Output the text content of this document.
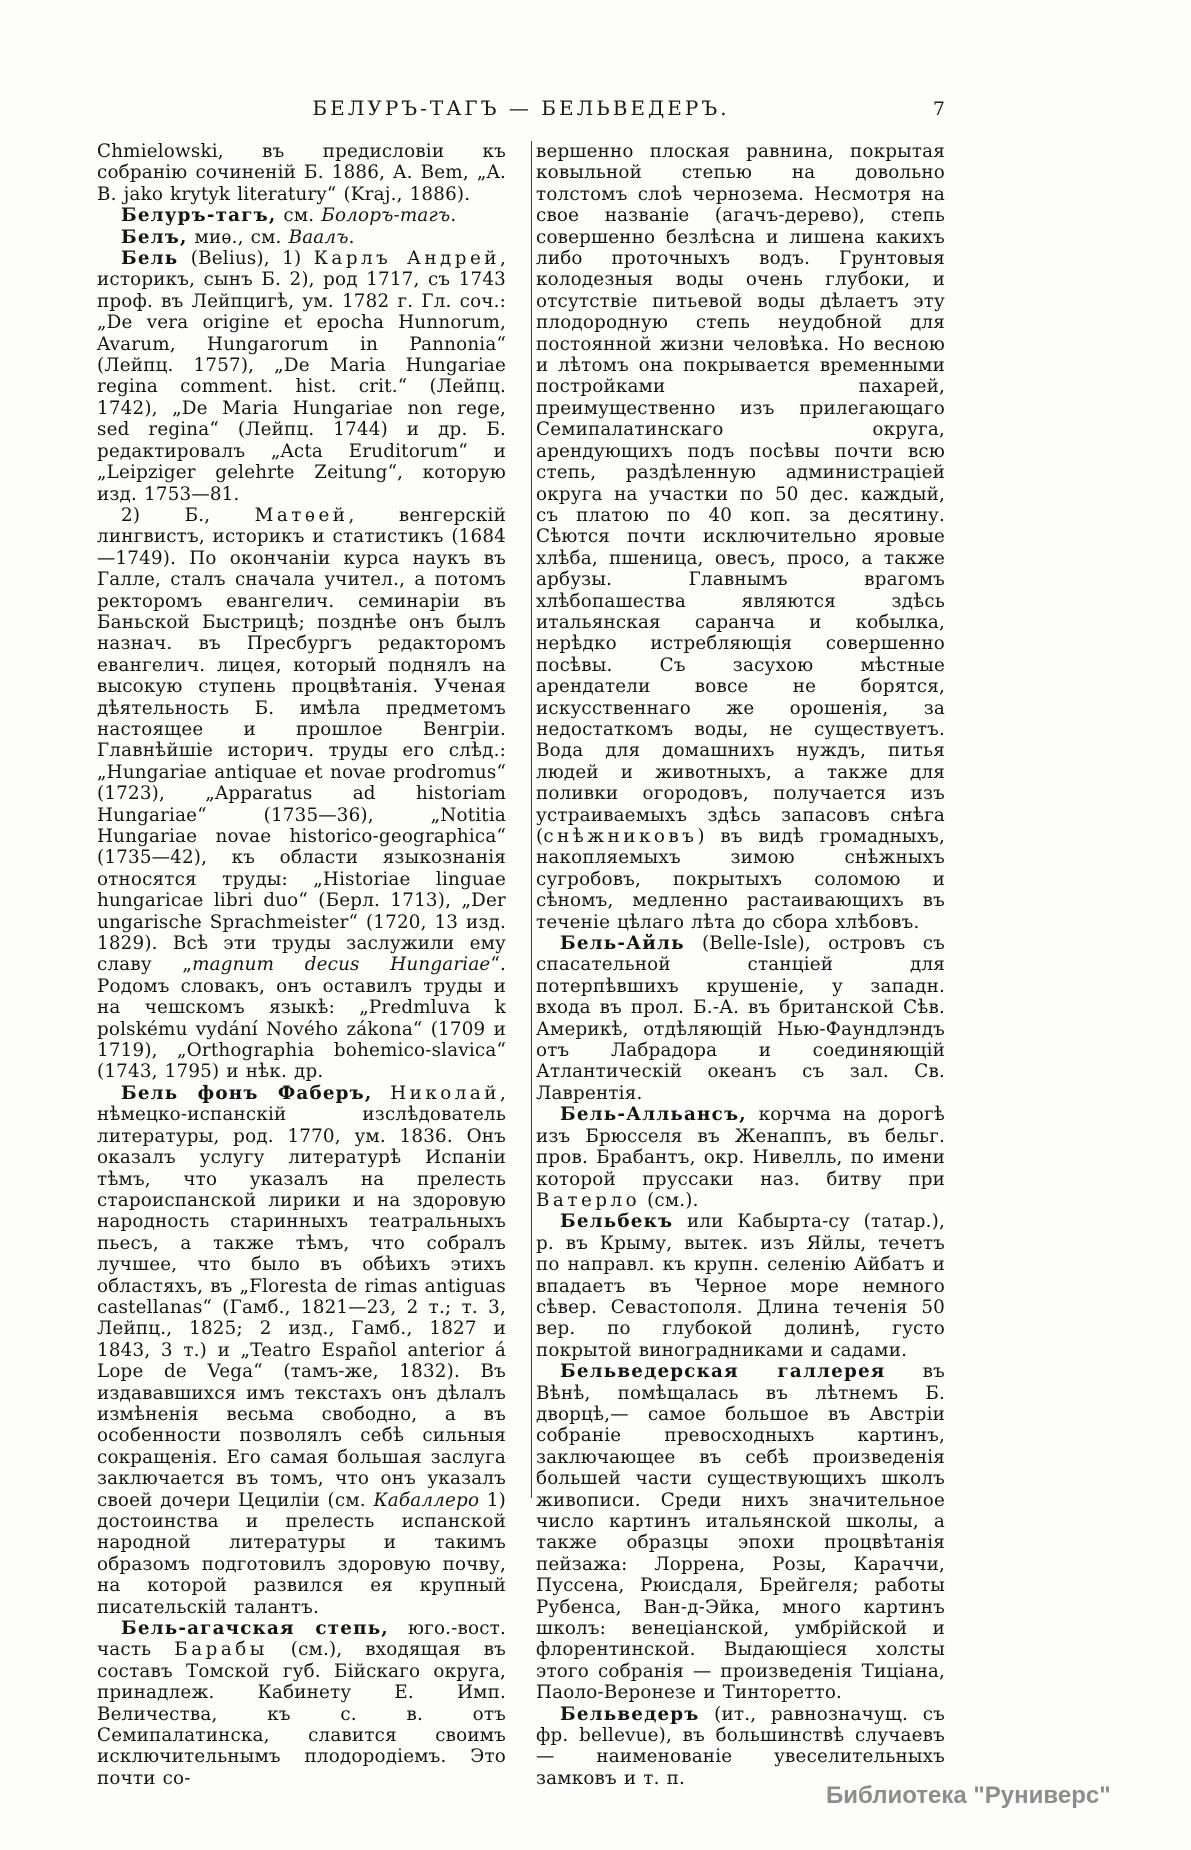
БЕЛУРЪ-ТАГЪ — БЕЛЬВЕДЕРЪ.	7

Chmielowski, въ предисловіи къ собранію сочиненій Б. 1886, A. Bem, „A. B. jako krytyk literatury“ (Kraj., 1886).

Белуръ-тагъ, см. Болоръ-тагъ.

Белъ, миѳ., см. Ваалъ.

Бель (Belius), 1) Карлъ Андрей, историкъ, сынъ Б. 2), род 1717, съ 1743 проф. въ Лейпцигѣ, ум. 1782 г. Гл. соч.: „De vera origine et epocha Hunnorum, Avarum, Hungarorum in Pannonia“ (Лейпц. 1757), „De Maria Hungariae regina comment. hist. crit.“ (Лейпц. 1742), „De Maria Hungariae non rege, sed regina“ (Лейпц. 1744) и др. Б. редактировалъ „Acta Eruditorum“ и „Leipziger gelehrte Zeitung“, которую изд. 1753—81.

2) Б., Матѳей, венгерскій лингвистъ, историкъ и статистикъ (1684—1749). По окончаніи курса наукъ въ Галле, сталъ сначала учител., а потомъ ректоромъ евангелич. семинаріи въ Баньской Быстрицѣ; позднѣе онъ былъ назнач. въ Пресбургъ редакторомъ евангелич. лицея, который поднялъ на высокую ступень процвѣтанія. Ученая дѣятельность Б. имѣла предметомъ настоящее и прошлое Венгріи. Главнѣйшіе историч. труды его слѣд.: „Hungariae antiquae et novae prodromus“ (1723), „Apparatus ad historiam Hungariae“ (1735—36), „Notitia Hungariae novae historico-geographica“ (1735—42), къ области языкознанія относятся труды: „Historiae linguae hungaricae libri duo“ (Берл. 1713), „Der ungarische Sprachmeister“ (1720, 13 изд. 1829). Всѣ эти труды заслужили ему славу „magnum decus Hungariae“. Родомъ словакъ, онъ оставилъ труды и на чешскомъ языкѣ: „Predmluva k polskému vydání Nového zákona“ (1709 и 1719), „Orthographia bohemico-slavica“ (1743, 1795) и нѣк. др.

Бель фонъ Фаберъ, Николай, нѣмецко-испанскій изслѣдователь литературы, род. 1770, ум. 1836. Онъ оказалъ услугу литературѣ Испаніи тѣмъ, что указалъ на прелесть староиспанской лирики и на здоровую народность старинныхъ театральныхъ пьесъ, а также тѣмъ, что собралъ лучшее, что было въ обѣихъ этихъ областяхъ, въ „Floresta de rimas antiguas castellanas“ (Гамб., 1821—23, 2 т.; т. 3, Лейпц., 1825; 2 изд., Гамб., 1827 и 1843, 3 т.) и „Teatro Español anterior á Lope de Vega“ (тамъ-же, 1832). Въ издававшихся имъ текстахъ онъ дѣлалъ измѣненія весьма свободно, а въ особенности позволялъ себѣ сильныя сокращенія. Его самая большая заслуга заключается въ томъ, что онъ указалъ своей дочери Цециліи (см. Кабаллеро 1) достоинства и прелесть испанской народной литературы и такимъ образомъ подготовилъ здоровую почву, на которой развился ея крупный писательскій талантъ.

Бель-агачская степь, юго.-вост. часть Барабы (см.), входящая въ составъ Томской губ. Бійскаго округа, принадлеж. Кабинету Е. Имп. Величества, къ с. в. отъ Семипалатинска, славится своимъ исключительнымъ плодородіемъ. Это почти со-

вершенно плоская равнина, покрытая ковыльной степью на довольно толстомъ слоѣ чернозема. Несмотря на свое названіе (агачъ-дерево), степь совершенно безлѣсна и лишена какихъ либо проточныхъ водъ. Грунтовыя колодезныя воды очень глубоки, и отсутствіе питьевой воды дѣлаетъ эту плодородную степь неудобной для постоянной жизни человѣка. Но весною и лѣтомъ она покрывается временными постройками пахарей, преимущественно изъ прилегающаго Семипалатинскаго округа, арендующихъ подъ посѣвы почти всю степь, раздѣленную администраціей округа на участки по 50 дес. каждый, съ платою по 40 коп. за десятину. Сѣются почти исключительно яровые хлѣба, пшеница, овесъ, просо, а также арбузы. Главнымъ врагомъ хлѣбопашества являются здѣсь итальянская саранча и кобылка, нерѣдко истребляющія совершенно посѣвы. Съ засухою мѣстные арендатели вовсе не борятся, искусственнаго же орошенія, за недостаткомъ воды, не существуетъ. Вода для домашнихъ нуждъ, питья людей и животныхъ, а также для поливки огородовъ, получается изъ устраиваемыхъ здѣсь запасовъ снѣга (снѣжниковъ) въ видѣ громадныхъ, накопляемыхъ зимою снѣжныхъ сугробовъ, покрытыхъ соломою и сѣномъ, медленно растаивающихъ въ теченіе цѣлаго лѣта до сбора хлѣбовъ.

Бель-Айль (Belle-Isle), островъ съ спасательной станціей для потерпѣвшихъ крушеніе, у западн. входа въ прол. Б.-А. въ британской Сѣв. Америкѣ, отдѣляющій Нью-Фаундлэндъ отъ Лабрадора и соединяющій Атлантическій океанъ съ зал. Св. Лаврентія.

Бель-Алльансъ, корчма на дорогѣ изъ Брюсселя въ Женаппъ, въ бельг. пров. Брабантъ, окр. Нивелль, по имени которой пруссаки наз. битву при Ватерло (см.).

Бельбекъ или Кабырта-су (татар.), р. въ Крыму, вытек. изъ Яйлы, течетъ по направл. къ крупн. селенію Айбатъ и впадаетъ въ Черное море немного сѣвер. Севастополя. Длина теченія 50 вер. по глубокой долинѣ, густо покрытой виноградниками и садами.

Бельведерская галлерея въ Вѣнѣ, помѣщалась въ лѣтнемъ Б. дворцѣ,— самое большое въ Австріи собраніе превосходныхъ картинъ, заключающее въ себѣ произведенія большей части существующихъ школъ живописи. Среди нихъ значительное число картинъ итальянской школы, а также образцы эпохи процвѣтанія пейзажа: Лоррена, Розы, Караччи, Пуссена, Рюисдаля, Брейгеля; работы Рубенса, Ван-д-Эйка, много картинъ школъ: венеціанской, умбрійской и флорентинской. Выдающіеся холсты этого собранія — произведенія Тиціана, Паоло-Веронезе и Тинторетто.

Бельведеръ (ит., равнозначущ. съ фр. bellevue), въ большинствѣ случаевъ — наименованіе увеселительныхъ замковъ и т. п.

Библиотека "Руниверс"
